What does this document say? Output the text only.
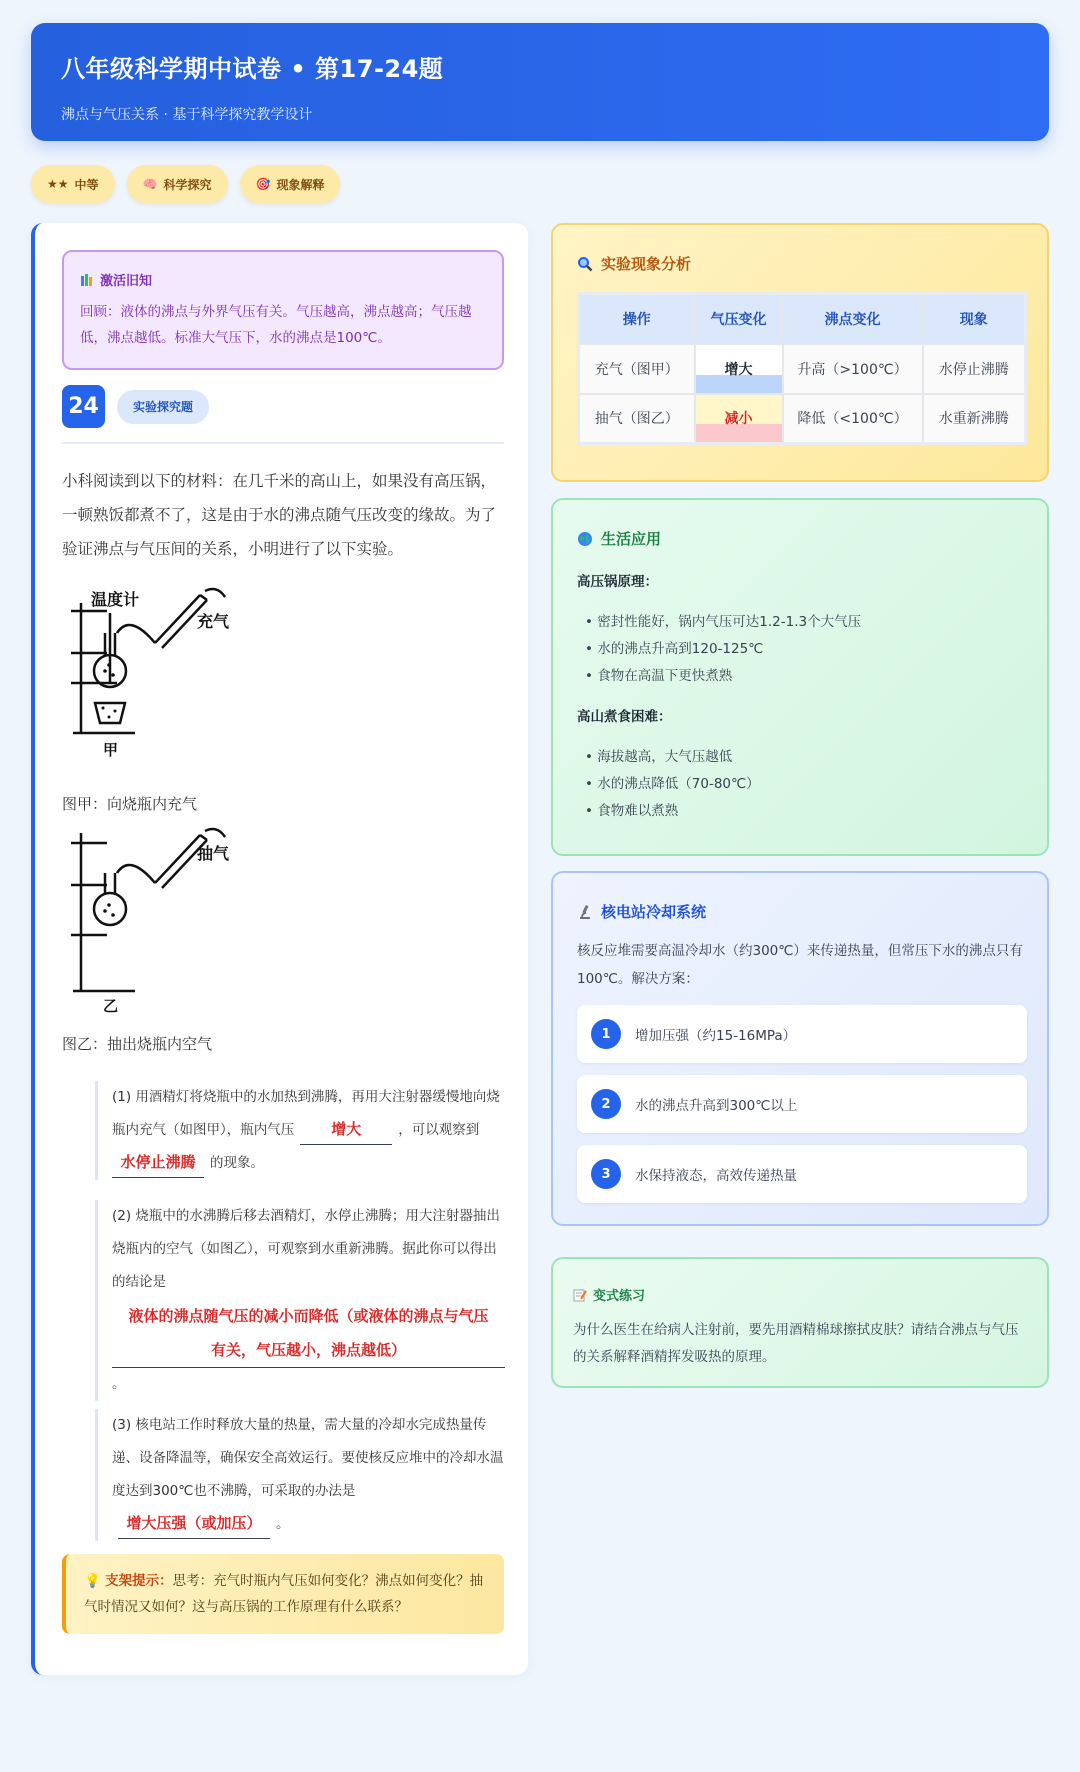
八年级科学期中试卷 • 第17-24题
沸点与气压关系 · 基于科学探究教学设计
★★ 中等	🧠 科学探究	🎯 现象解释
激活旧知
回顾：液体的沸点与外界气压有关。气压越高，沸点越高；气压越低，沸点越低。标准大气压下，水的沸点是100℃。
24	实验探究题
小科阅读到以下的材料：在几千米的高山上，如果没有高压锅，一顿熟饭都煮不了，这是由于水的沸点随气压改变的缘故。为了验证沸点与气压间的关系，小明进行了以下实验。
温度计
充气
甲
图甲：向烧瓶内充气
抽气
乙
图乙：抽出烧瓶内空气
(1) 用酒精灯将烧瓶中的水加热到沸腾，再用大注射器缓慢地向烧瓶内充气（如图甲），瓶内气压 增大	，可以观察到水停止沸腾 的现象。
(2) 烧瓶中的水沸腾后移去酒精灯，水停止沸腾；用大注射器抽出烧瓶内的空气（如图乙），可观察到水重新沸腾。据此你可以得出的结论是
液体的沸点随气压的减小而降低（或液体的沸点与气压有关，气压越小，沸点越低）
。
(3) 核电站工作时释放大量的热量，需大量的冷却水完成热量传递、设备降温等，确保安全高效运行。要使核反应堆中的冷却水温度达到300℃也不沸腾，可采取的办法是增大压强（或加压） 。
💡 支架提示：思考：充气时瓶内气压如何变化？沸点如何变化？抽气时情况又如何？这与高压锅的工作原理有什么联系？
实验现象分析
操作	气压变化	沸点变化	现象
充气（图甲）	增大	升高（>100℃）	水停止沸腾
抽气（图乙）	减小	降低（<100℃）	水重新沸腾
生活应用
高压锅原理：
• 密封性能好，锅内气压可达1.2-1.3个大气压
• 水的沸点升高到120-125℃
• 食物在高温下更快煮熟
高山煮食困难：
• 海拔越高，大气压越低
• 水的沸点降低（70-80℃）
• 食物难以煮熟
核电站冷却系统
核反应堆需要高温冷却水（约300℃）来传递热量，但常压下水的沸点只有100℃。解决方案：
1	增加压强（约15-16MPa）
2	水的沸点升高到300℃以上
3	水保持液态，高效传递热量
变式练习
为什么医生在给病人注射前，要先用酒精棉球擦拭皮肤？请结合沸点与气压的关系解释酒精挥发吸热的原理。
